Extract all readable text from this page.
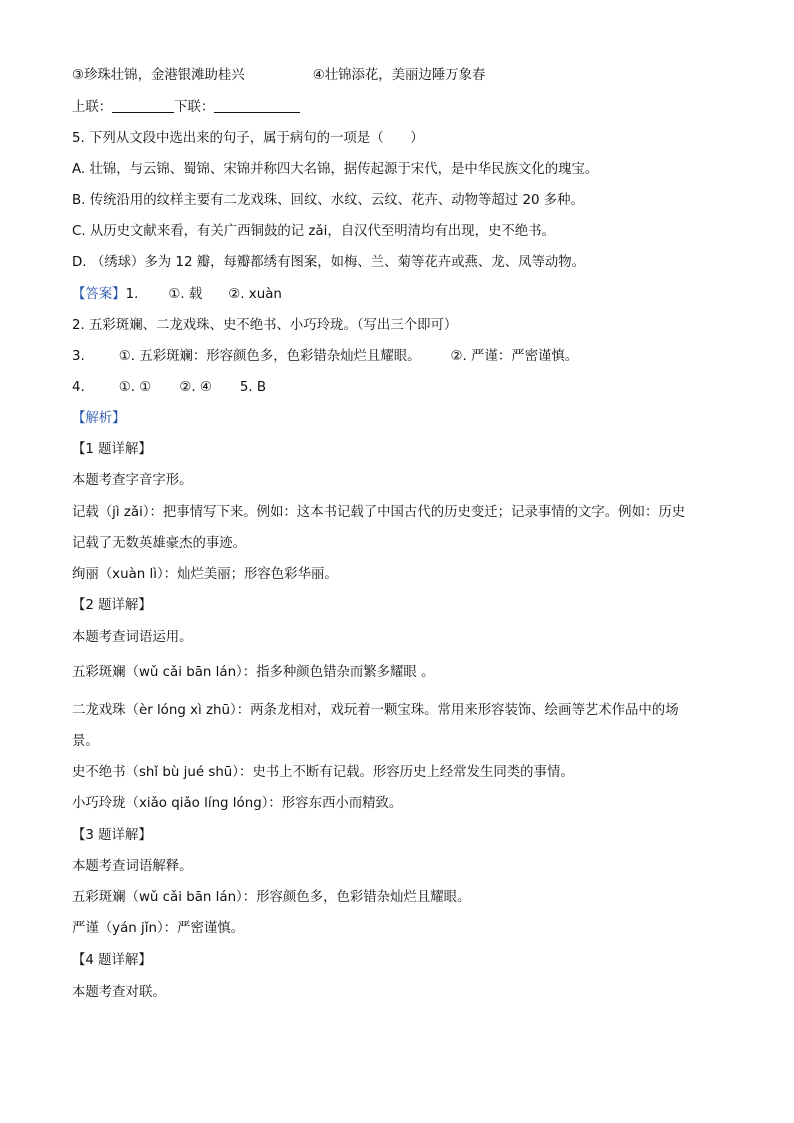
③珍珠壮锦，金港银滩助桂兴	④壮锦添花，美丽边陲万象春
上联：	下联：
5. 下列从文段中选出来的句子，属于病句的一项是（　　）
A. 壮锦，与云锦、蜀锦、宋锦并称四大名锦，据传起源于宋代，是中华民族文化的瑰宝。
B. 传统沿用的纹样主要有二龙戏珠、回纹、水纹、云纹、花卉、动物等超过 20 多种。
C. 从历史文献来看，有关广西铜鼓的记 zǎi，自汉代至明清均有出现，史不绝书。
D. （绣球）多为 12 瓣，每瓣都绣有图案，如梅、兰、菊等花卉或燕、龙、凤等动物。
【答案】1. ①. 载 ②. xuàn
2. 五彩斑斓、二龙戏珠、史不绝书、小巧玲珑。（写出三个即可）
3.	①. 五彩斑斓：形容颜色多，色彩错杂灿烂且耀眼。 ②. 严谨：严密谨慎。
4.	①. ① ②. ④ 5. B
【解析】
【1 题详解】
本题考查字音字形。
记载（jì zǎi）：把事情写下来。例如：这本书记载了中国古代的历史变迁；记录事情的文字。例如：历史
记载了无数英雄豪杰的事迹。
绚丽（xuàn lì）：灿烂美丽；形容色彩华丽。
【2 题详解】
本题考查词语运用。
五彩斑斓（wǔ cǎi bān lán）：指多种颜色错杂而繁多耀眼 。
二龙戏珠（èr lóng xì zhū）：两条龙相对，戏玩着一颗宝珠。常用来形容装饰、绘画等艺术作品中的场
景。
史不绝书（shǐ bù jué shū）：史书上不断有记载。形容历史上经常发生同类的事情。
小巧玲珑（xiǎo qiǎo líng lóng）：形容东西小而精致。
【3 题详解】
本题考查词语解释。
五彩斑斓（wǔ cǎi bān lán）：形容颜色多，色彩错杂灿烂且耀眼。
严谨（yán jǐn）：严密谨慎。
【4 题详解】
本题考查对联。
